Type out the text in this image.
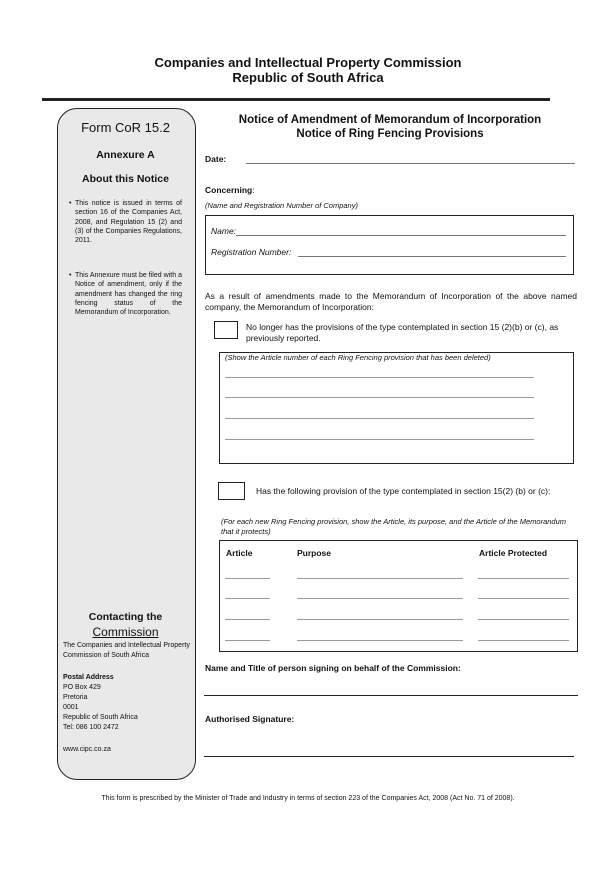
Companies and Intellectual Property Commission
Republic of South Africa
Form CoR 15.2
Annexure A
About this Notice
• This notice is issued in terms of section 16 of the Companies Act, 2008, and Regulation 15 (2) and (3) of the Companies Regulations, 2011.
• This Annexure must be filed with a Notice of amendment, only if the amendment has changed the ring fencing status of the Memorandum of Incorporation.
Contacting the
Commission
The Companies and Intellectual Property Commission of South Africa
Postal Address
PO Box 429
Pretoria
0001
Republic of South Africa
Tel: 086 100 2472
www.cipc.co.za
Notice of Amendment of Memorandum of Incorporation
Notice of Ring Fencing Provisions
Date:
Concerning:
(Name and Registration Number of Company)
Name:
Registration Number:
As a result of amendments made to the Memorandum of Incorporation of the above named company, the Memorandum of Incorporation:
No longer has the provisions of the type contemplated in section 15 (2)(b) or (c), as previously reported.
(Show the Article number of each Ring Fencing provision that has been deleted)
Has the following provision of the type contemplated in section 15(2) (b) or (c):
(For each new Ring Fencing provision, show the Article, its purpose, and the Article of the Memorandum that it protects)
Article	Purpose	Article Protected
Name and Title of person signing on behalf of the Commission:
Authorised Signature:
This form is prescribed by the Minister of Trade and Industry in terms of section 223 of the Companies Act, 2008 (Act No. 71 of 2008).
